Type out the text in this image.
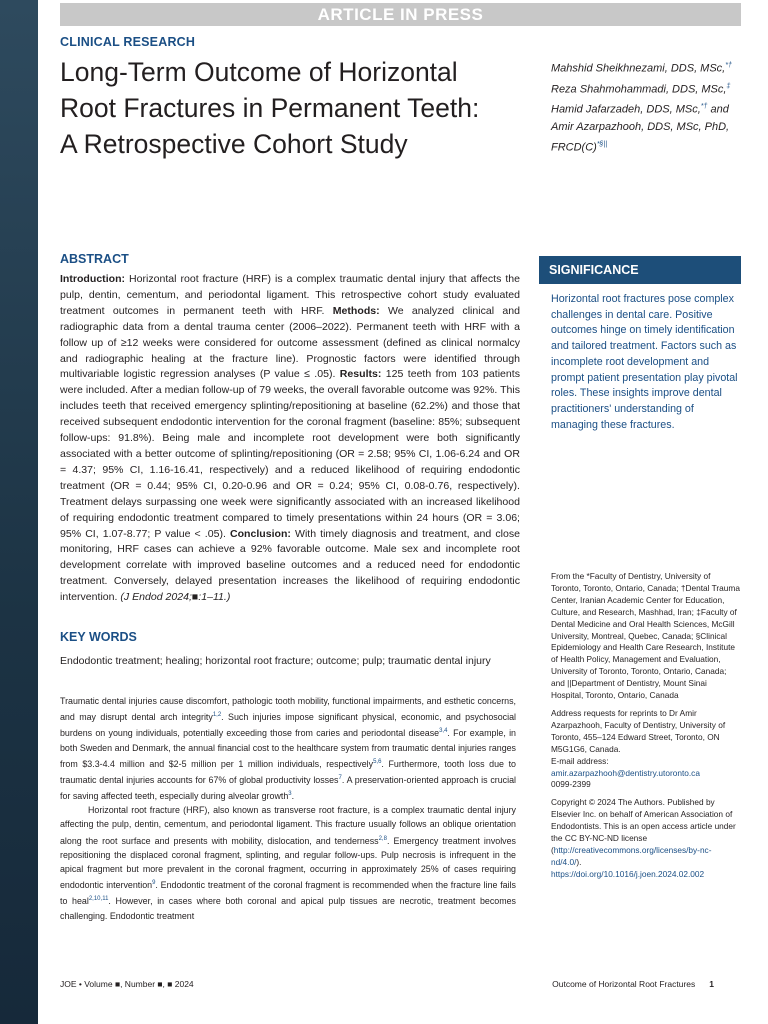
ARTICLE IN PRESS
CLINICAL RESEARCH
Long-Term Outcome of Horizontal Root Fractures in Permanent Teeth: A Retrospective Cohort Study
Mahshid Sheikhnezami, DDS, MSc,*† Reza Shahmohammadi, DDS, MSc,‡ Hamid Jafarzadeh, DDS, MSc,*† and
Amir Azarpazhooh, DDS, MSc, PhD, FRCD(C)*§||
ABSTRACT
Introduction: Horizontal root fracture (HRF) is a complex traumatic dental injury that affects the pulp, dentin, cementum, and periodontal ligament. This retrospective cohort study evaluated treatment outcomes in permanent teeth with HRF. Methods: We analyzed clinical and radiographic data from a dental trauma center (2006–2022). Permanent teeth with HRF with a follow up of ≥12 weeks were considered for outcome assessment (defined as clinical normalcy and radiographic healing at the fracture line). Prognostic factors were identified through multivariable logistic regression analyses (P value ≤ .05). Results: 125 teeth from 103 patients were included. After a median follow-up of 79 weeks, the overall favorable outcome was 92%. This includes teeth that received emergency splinting/repositioning at baseline (62.2%) and those that received subsequent endodontic intervention for the coronal fragment (baseline: 85%; subsequent follow-ups: 91.8%). Being male and incomplete root development were both significantly associated with a better outcome of splinting/repositioning (OR = 2.58; 95% CI, 1.06-6.24 and OR = 4.37; 95% CI, 1.16-16.41, respectively) and a reduced likelihood of requiring endodontic treatment (OR = 0.44; 95% CI, 0.20-0.96 and OR = 0.24; 95% CI, 0.08-0.76, respectively). Treatment delays surpassing one week were significantly associated with an increased likelihood of requiring endodontic treatment compared to timely presentations within 24 hours (OR = 3.06; 95% CI, 1.07-8.77; P value < .05). Conclusion: With timely diagnosis and treatment, and close monitoring, HRF cases can achieve a 92% favorable outcome. Male sex and incomplete root development correlate with improved baseline outcomes and a reduced need for endodontic treatment. Conversely, delayed presentation increases the likelihood of requiring endodontic intervention. (J Endod 2024;■:1–11.)
KEY WORDS
Endodontic treatment; healing; horizontal root fracture; outcome; pulp; traumatic dental injury

Traumatic dental injuries cause discomfort, pathologic tooth mobility, functional impairments, and esthetic concerns, and may disrupt dental arch integrity$^{1,2}$. Such injuries impose significant physical, economic, and psychosocial burdens on young individuals, potentially exceeding those from caries and periodontal disease$^{3,4}$. For example, in both Sweden and Denmark, the annual financial cost to the healthcare system from traumatic dental injuries ranges from $3.3-4.4 million and $2-5 million per 1 million individuals, respectively$^{5,6}$. Furthermore, tooth loss due to traumatic dental injuries accounts for 67% of global productivity losses$^7$. A preservation-oriented approach is crucial for saving affected teeth, especially during alveolar growth$^3$.

Horizontal root fracture (HRF), also known as transverse root fracture, is a complex traumatic dental injury affecting the pulp, dentin, cementum, and periodontal ligament. This fracture usually follows an oblique orientation along the root surface and presents with mobility, dislocation, and tenderness$^{2,8}$. Emergency treatment involves repositioning the displaced coronal fragment, splinting, and regular follow-ups. Pulp necrosis is infrequent in the apical fragment but more prevalent in the coronal fragment, occurring in approximately 25% of cases requiring endodontic intervention$^9$. Endodontic treatment of the coronal fragment is recommended when the fracture line fails to heal$^{2,10,11}$. However, in cases where both coronal and apical pulp tissues are necrotic, treatment becomes challenging. Endodontic treatment

SIGNIFICANCE
Horizontal root fractures pose complex challenges in dental care. Positive outcomes hinge on timely identification and tailored treatment. Factors such as incomplete root development and prompt patient presentation play pivotal roles. These insights improve dental practitioners' understanding of managing these fractures.

From the *Faculty of Dentistry, University of Toronto, Toronto, Ontario, Canada; †Dental Trauma Center, Iranian Academic Center for Education, Culture, and Research, Mashhad, Iran; ‡Faculty of Dental Medicine and Oral Health Sciences, McGill University, Montreal, Quebec, Canada; §Clinical Epidemiology and Health Care Research, Institute of Health Policy, Management and Evaluation, University of Toronto, Toronto, Ontario, Canada; and ||Department of Dentistry, Mount Sinai Hospital, Toronto, Ontario, Canada

Address requests for reprints to Dr Amir Azarpazhooh, Faculty of Dentistry, University of Toronto, 455–124 Edward Street, Toronto, ON M5G1G6, Canada.
E-mail address: amir.azarpazhooh@dentistry.utoronto.ca

0099-2399

Copyright © 2024 The Authors. Published by Elsevier Inc. on behalf of American Association of Endodontists. This is an open access article under the CC BY-NC-ND license (http://creativecommons.org/licenses/by-nc-nd/4.0/).
https://doi.org/10.1016/j.joen.2024.02.002

JOE • Volume ■, Number ■, ■ 2024	Outcome of Horizontal Root Fractures 1
